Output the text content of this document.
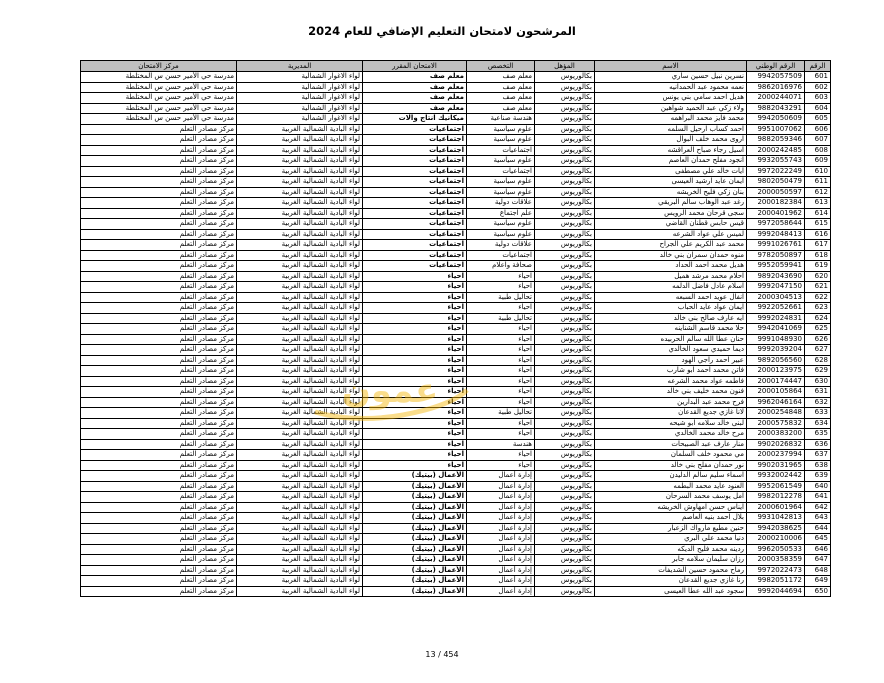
المرشحون لامتحان التعليم الإضافي للعام 2024
الرقم	الرقم الوطني	الاسم	المؤهل	التخصص	الامتحان المقرر	المديرية	مركز الامتحان
601	9942057509	نسرين نبيل حسين ساري	بكالوريوس	معلم صف	معلم صف	لواء الاغوار الشمالية	مدرسة حي الأمير حسن س المختلطة
602	9862016976	نعمه محمود عبد الحمدانيه	بكالوريوس	معلم صف	معلم صف	لواء الاغوار الشمالية	مدرسة حي الأمير حسن س المختلطة
603	2000244071	هديل احمد سامي بني يونس	بكالوريوس	معلم صف	معلم صف	لواء الاغوار الشمالية	مدرسة حي الأمير حسن س المختلطة
604	9882043291	ولاء زكي عبد الحميد شواهين	بكالوريوس	معلم صف	معلم صف	لواء الاغوار الشمالية	مدرسة حي الأمير حسن س المختلطة
605	9942050609	محمد فايز محمد البراهمه	بكالوريوس	هندسة صناعية	ميكانيك انتاج والات	لواء الاغوار الشمالية	مدرسة حي الأمير حسن س المختلطة
606	9951007062	احمد كساب ارحيل السلمه	بكالوريوس	علوم سياسية	اجتماعيات	لواء البادية الشمالية الغربية	مركز مصادر التعلم
607	9882059346	اروى محمد خلف البوال	بكالوريوس	علوم سياسية	اجتماعيات	لواء البادية الشمالية الغربية	مركز مصادر التعلم
608	2000242485	اسيل رجاء صباح العراقشه	بكالوريوس	اجتماعيات	اجتماعيات	لواء البادية الشمالية الغربية	مركز مصادر التعلم
609	9932055743	انجود مفلح حمدان العاصم	بكالوريوس	علوم سياسية	اجتماعيات	لواء البادية الشمالية الغربية	مركز مصادر التعلم
610	9972022249	ايات خالد علي مصطفى	بكالوريوس	اجتماعيات	اجتماعيات	لواء البادية الشمالية الغربية	مركز مصادر التعلم
611	9802050479	ايمان عايد ارشيد العيسى	بكالوريوس	علوم سياسية	اجتماعيات	لواء البادية الشمالية الغربية	مركز مصادر التعلم
612	2000050597	بنان زكي فليح الخريشه	بكالوريوس	علوم سياسية	اجتماعيات	لواء البادية الشمالية الغربية	مركز مصادر التعلم
613	2000182384	رغد عبد الوهاب سالم البريقي	بكالوريوس	علاقات دولية	اجتماعيات	لواء البادية الشمالية الغربية	مركز مصادر التعلم
614	2000401962	سجى قرحان محمد الرويس	بكالوريوس	علم اجتماع	اجتماعيات	لواء البادية الشمالية الغربية	مركز مصادر التعلم
615	9972058644	قيس حابس قطنان القاضي	بكالوريوس	علوم سياسية	اجتماعيات	لواء البادية الشمالية الغربية	مركز مصادر التعلم
616	9992048413	لميس علي عواد الشرعه	بكالوريوس	علوم سياسية	اجتماعيات	لواء البادية الشمالية الغربية	مركز مصادر التعلم
617	9991026761	محمد عبد الكريم علي الجراح	بكالوريوس	علاقات دولية	اجتماعيات	لواء البادية الشمالية الغربية	مركز مصادر التعلم
618	9782050897	منوه حمدان سمران بني خالد	بكالوريوس	اجتماعيات	اجتماعيات	لواء البادية الشمالية الغربية	مركز مصادر التعلم
619	9952059941	هديل محمد احمد الحداد	بكالوريوس	صحافة واعلام	اجتماعيات	لواء البادية الشمالية الغربية	مركز مصادر التعلم
620	9892043690	احلام محمد مرشد هميل	بكالوريوس	احياء	احياء	لواء البادية الشمالية الغربية	مركز مصادر التعلم
621	9992047150	اسلام عادل فاضل الدلمه	بكالوريوس	احياء	احياء	لواء البادية الشمالية الغربية	مركز مصادر التعلم
622	2000304513	انفال عويد احمد السبعه	بكالوريوس	تحاليل طبية	احياء	لواء البادية الشمالية الغربية	مركز مصادر التعلم
623	9922052661	ايمان عواد عايد الحباب	بكالوريوس	احياء	احياء	لواء البادية الشمالية الغربية	مركز مصادر التعلم
624	9992024831	ايه عارف صالح بني خالد	بكالوريوس	تحاليل طبية	احياء	لواء البادية الشمالية الغربية	مركز مصادر التعلم
625	9942041069	حلا محمد قاسم الشناينه	بكالوريوس	احياء	احياء	لواء البادية الشمالية الغربية	مركز مصادر التعلم
626	9991048930	حنان عطا الله سالم الحربيده	بكالوريوس	احياء	احياء	لواء البادية الشمالية الغربية	مركز مصادر التعلم
627	9992039204	ديما حميدي سعود الخالدي	بكالوريوس	احياء	احياء	لواء البادية الشمالية الغربية	مركز مصادر التعلم
628	9892056560	عبير احمد راجي الهود	بكالوريوس	احياء	احياء	لواء البادية الشمالية الغربية	مركز مصادر التعلم
629	2000123975	فاتن محمد احمد ابو شارب	بكالوريوس	احياء	احياء	لواء البادية الشمالية الغربية	مركز مصادر التعلم
630	2000174447	فاطمه عواد محمد الشرعه	بكالوريوس	احياء	احياء	لواء البادية الشمالية الغربية	مركز مصادر التعلم
631	2000105864	فنون محمد خليف بني خالد	بكالوريوس	احياء	احياء	لواء البادية الشمالية الغربية	مركز مصادر التعلم
632	9962046164	فرح محمد عبد البدارين	بكالوريوس	احياء	احياء	لواء البادية الشمالية الغربية	مركز مصادر التعلم
633	2000254848	لانا غازي جديع القدعان	بكالوريوس	تحاليل طبية	احياء	لواء البادية الشمالية الغربية	مركز مصادر التعلم
634	2000575832	لبنى خالد سلامه ابو شيحه	بكالوريوس	احياء	احياء	لواء البادية الشمالية الغربية	مركز مصادر التعلم
635	2000383200	مرح خالد محمد الخالدي	بكالوريوس	احياء	احياء	لواء البادية الشمالية الغربية	مركز مصادر التعلم
636	9902026832	منار عارف عبد الصبيحات	بكالوريوس	هندسة	احياء	لواء البادية الشمالية الغربية	مركز مصادر التعلم
637	2000237994	مي محمود خلف السلمان	بكالوريوس	احياء	احياء	لواء البادية الشمالية الغربية	مركز مصادر التعلم
638	9902031965	نور حمدان مفلح بني خالد	بكالوريوس	احياء	احياء	لواء البادية الشمالية الغربية	مركز مصادر التعلم
639	9932002442	اسماء سليم سالم الدليدن	بكالوريوس	إدارة أعمال	الأعمال (بيتيك)	لواء البادية الشمالية الغربية	مركز مصادر التعلم
640	9952061549	العنود عايد محمد البطمه	بكالوريوس	إدارة أعمال	الأعمال (بيتيك)	لواء البادية الشمالية الغربية	مركز مصادر التعلم
641	9982012278	امل يوسف محمد السرحان	بكالوريوس	إدارة أعمال	الأعمال (بيتيك)	لواء البادية الشمالية الغربية	مركز مصادر التعلم
642	2000601964	ايناس حسن امهاوش الخريشه	بكالوريوس	إدارة أعمال	الأعمال (بيتيك)	لواء البادية الشمالية الغربية	مركز مصادر التعلم
643	9931042813	بلال احمد بنيه العاصم	بكالوريوس	إدارة أعمال	الأعمال (بيتيك)	لواء البادية الشمالية الغربية	مركز مصادر التعلم
644	9942038625	حنين مطيع مارواك الزعبار	بكالوريوس	إدارة أعمال	الأعمال (بيتيك)	لواء البادية الشمالية الغربية	مركز مصادر التعلم
645	2000210006	دنيا محمد علي البري	بكالوريوس	إدارة أعمال	الأعمال (بيتيك)	لواء البادية الشمالية الغربية	مركز مصادر التعلم
646	9962050533	ردينه محمد فليح الديكه	بكالوريوس	إدارة أعمال	الأعمال (بيتيك)	لواء البادية الشمالية الغربية	مركز مصادر التعلم
647	2000358359	رزان سليمان سلامه جابر	بكالوريوس	إدارة أعمال	الأعمال (بيتيك)	لواء البادية الشمالية الغربية	مركز مصادر التعلم
648	9972022473	رماح محمود حسين الشديفات	بكالوريوس	إدارة أعمال	الأعمال (بيتيك)	لواء البادية الشمالية الغربية	مركز مصادر التعلم
649	9982051172	رنا غازي جديع القدعان	بكالوريوس	إدارة أعمال	الأعمال (بيتيك)	لواء البادية الشمالية الغربية	مركز مصادر التعلم
650	9992044694	سجود عبد الله عطا العيسى	بكالوريوس	إدارة أعمال	الأعمال (بيتيك)	لواء البادية الشمالية الغربية	مركز مصادر التعلم
عمون
13 / 454
